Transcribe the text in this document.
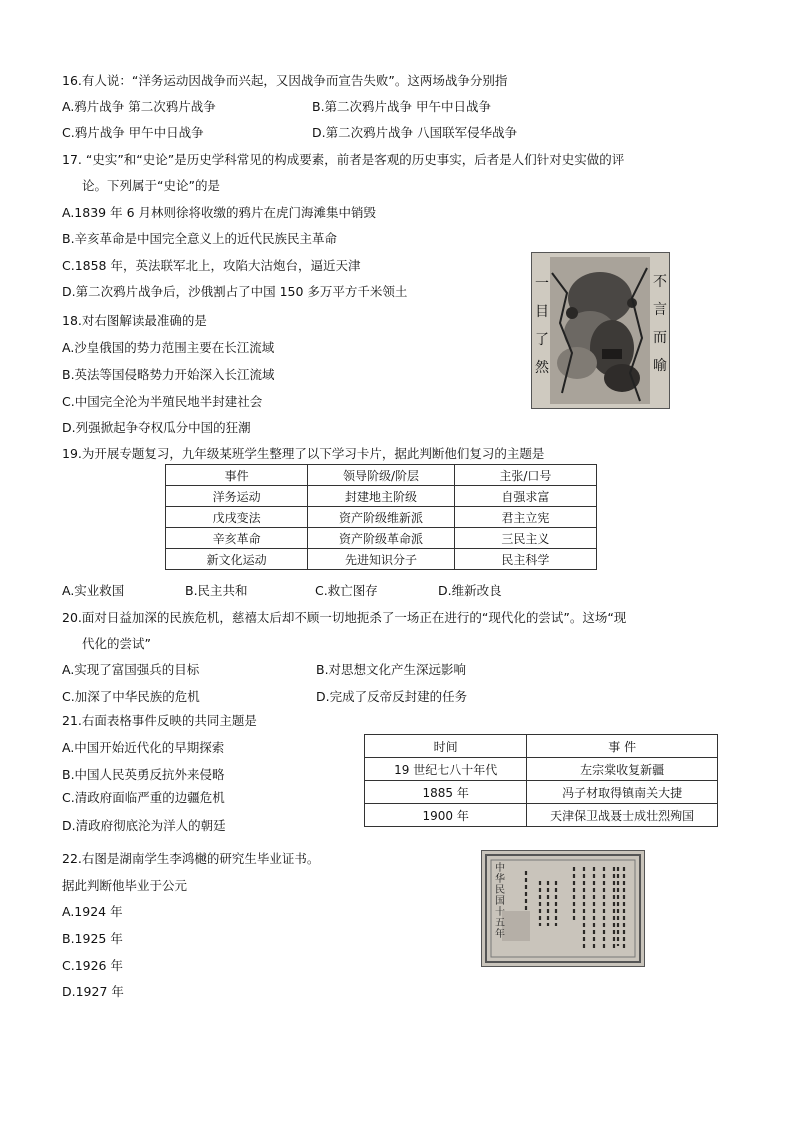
16.有人说：“洋务运动因战争而兴起，又因战争而宣告失败”。这两场战争分别指
A.鸦片战争 第二次鸦片战争	B.第二次鸦片战争 甲午中日战争
C.鸦片战争 甲午中日战争	D.第二次鸦片战争 八国联军侵华战争
17. “史实”和“史论”是历史学科常见的构成要素，前者是客观的历史事实，后者是人们针对史实做的评
论。下列属于“史论”的是
A.1839 年 6 月林则徐将收缴的鸦片在虎门海滩集中销毁
B.辛亥革命是中国完全意义上的近代民族民主革命
C.1858 年，英法联军北上，攻陷大沽炮台，逼近天津
D.第二次鸦片战争后，沙俄割占了中国 150 多万平方千米领土
不
言
而
喻
一
目
了
然
18.对右图解读最准确的是
A.沙皇俄国的势力范围主要在长江流域
B.英法等国侵略势力开始深入长江流域
C.中国完全沦为半殖民地半封建社会
D.列强掀起争夺权瓜分中国的狂潮
19.为开展专题复习，九年级某班学生整理了以下学习卡片，据此判断他们复习的主题是
事件	领导阶级/阶层	主张/口号
洋务运动	封建地主阶级	自强求富
戊戌变法	资产阶级维新派	君主立宪
辛亥革命	资产阶级革命派	三民主义
新文化运动	先进知识分子	民主科学
A.实业救国	B.民主共和	C.救亡图存	D.维新改良
20.面对日益加深的民族危机，慈禧太后却不顾一切地扼杀了一场正在进行的“现代化的尝试”。这场“现
代化的尝试”
A.实现了富国强兵的目标	B.对思想文化产生深远影响
C.加深了中华民族的危机	D.完成了反帝反封建的任务
21.右面表格事件反映的共同主题是
A.中国开始近代化的早期探索
B.中国人民英勇反抗外来侵略
C.清政府面临严重的边疆危机
D.清政府彻底沦为洋人的朝廷
时间	事 件
19 世纪七八十年代	左宗棠收复新疆
1885 年	冯子材取得镇南关大捷
1900 年	天津保卫战聂士成壮烈殉国
22.右图是湖南学生李鸿樾的研究生毕业证书。
据此判断他毕业于公元
A.1924 年
B.1925 年
C.1926 年
D.1927 年
中华民国十五年
